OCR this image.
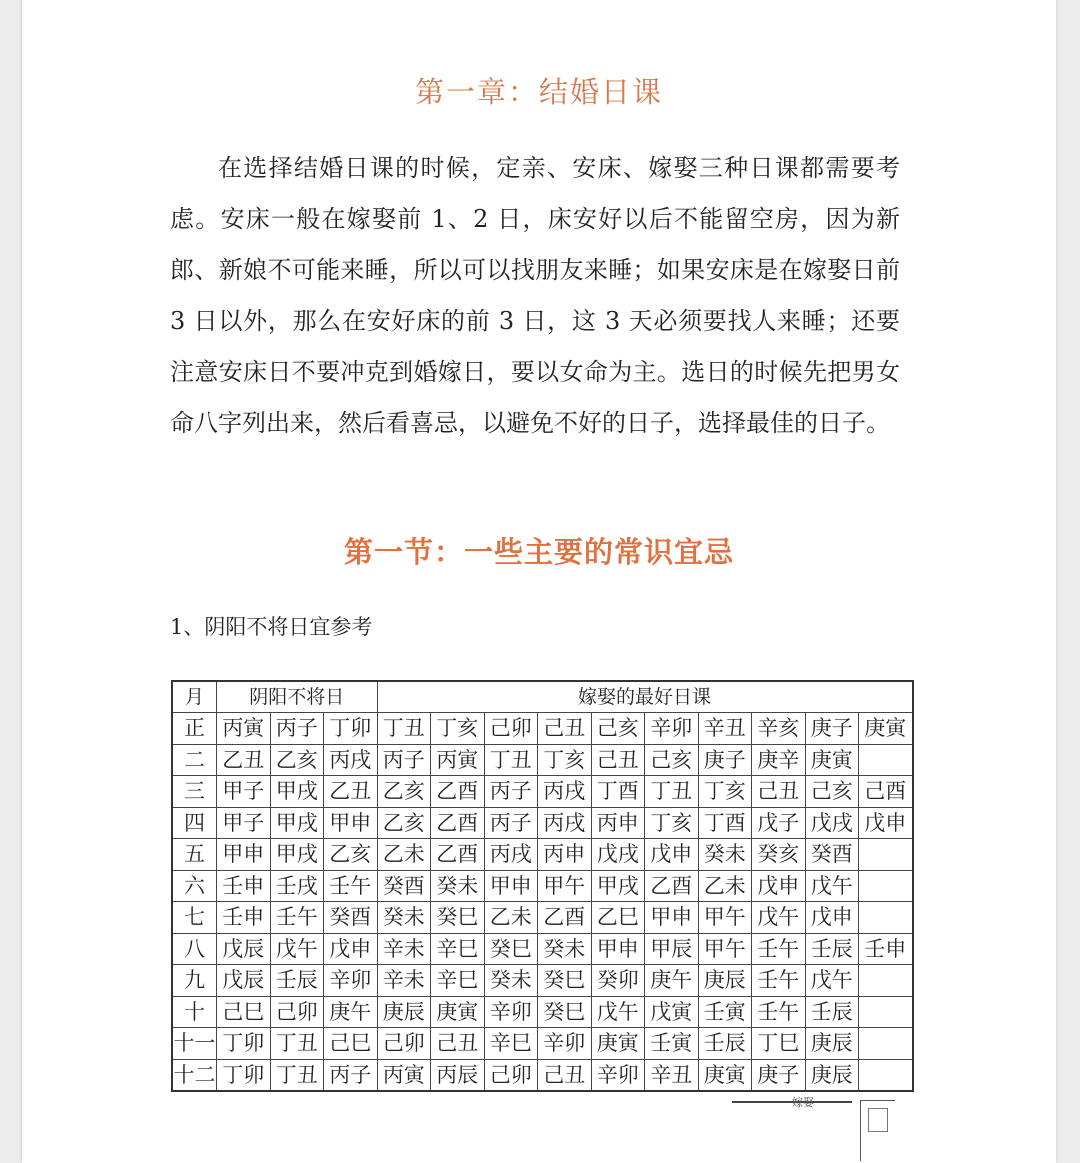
第一章：结婚日课

在选择结婚日课的时候，定亲、安床、嫁娶三种日课都需要考虑。安床一般在嫁娶前 1、2 日，床安好以后不能留空房，因为新郎、新娘不可能来睡，所以可以找朋友来睡；如果安床是在嫁娶日前 3 日以外，那么在安好床的前 3 日，这 3 天必须要找人来睡；还要注意安床日不要冲克到婚嫁日，要以女命为主。选日的时候先把男女命八字列出来，然后看喜忌，以避免不好的日子，选择最佳的日子。

第一节：一些主要的常识宜忌
1、阴阳不将日宜参考
月	阴阳不将日			嫁娶的最好日课									
正	丙寅	丙子	丁卯	丁丑	丁亥	己卯	己丑	己亥	辛卯	辛丑	辛亥	庚子	庚寅
二	乙丑	乙亥	丙戌	丙子	丙寅	丁丑	丁亥	己丑	己亥	庚子	庚辛	庚寅	
三	甲子	甲戌	乙丑	乙亥	乙酉	丙子	丙戌	丁酉	丁丑	丁亥	己丑	己亥	己酉
四	甲子	甲戌	甲申	乙亥	乙酉	丙子	丙戌	丙申	丁亥	丁酉	戊子	戊戌	戊申
五	甲申	甲戌	乙亥	乙未	乙酉	丙戌	丙申	戊戌	戊申	癸未	癸亥	癸酉	
六	壬申	壬戌	壬午	癸酉	癸未	甲申	甲午	甲戌	乙酉	乙未	戊申	戊午	
七	壬申	壬午	癸酉	癸未	癸巳	乙未	乙酉	乙巳	甲申	甲午	戊午	戊申	
八	戊辰	戊午	戊申	辛未	辛巳	癸巳	癸未	甲申	甲辰	甲午	壬午	壬辰	壬申
九	戊辰	壬辰	辛卯	辛未	辛巳	癸未	癸巳	癸卯	庚午	庚辰	壬午	戊午	
十	己巳	己卯	庚午	庚辰	庚寅	辛卯	癸巳	戊午	戊寅	壬寅	壬午	壬辰	
十一	丁卯	丁丑	己巳	己卯	己丑	辛巳	辛卯	庚寅	壬寅	壬辰	丁巳	庚辰	
十二	丁卯	丁丑	丙子	丙寅	丙辰	己卯	己丑	辛卯	辛丑	庚寅	庚子	庚辰	
嫁娶
